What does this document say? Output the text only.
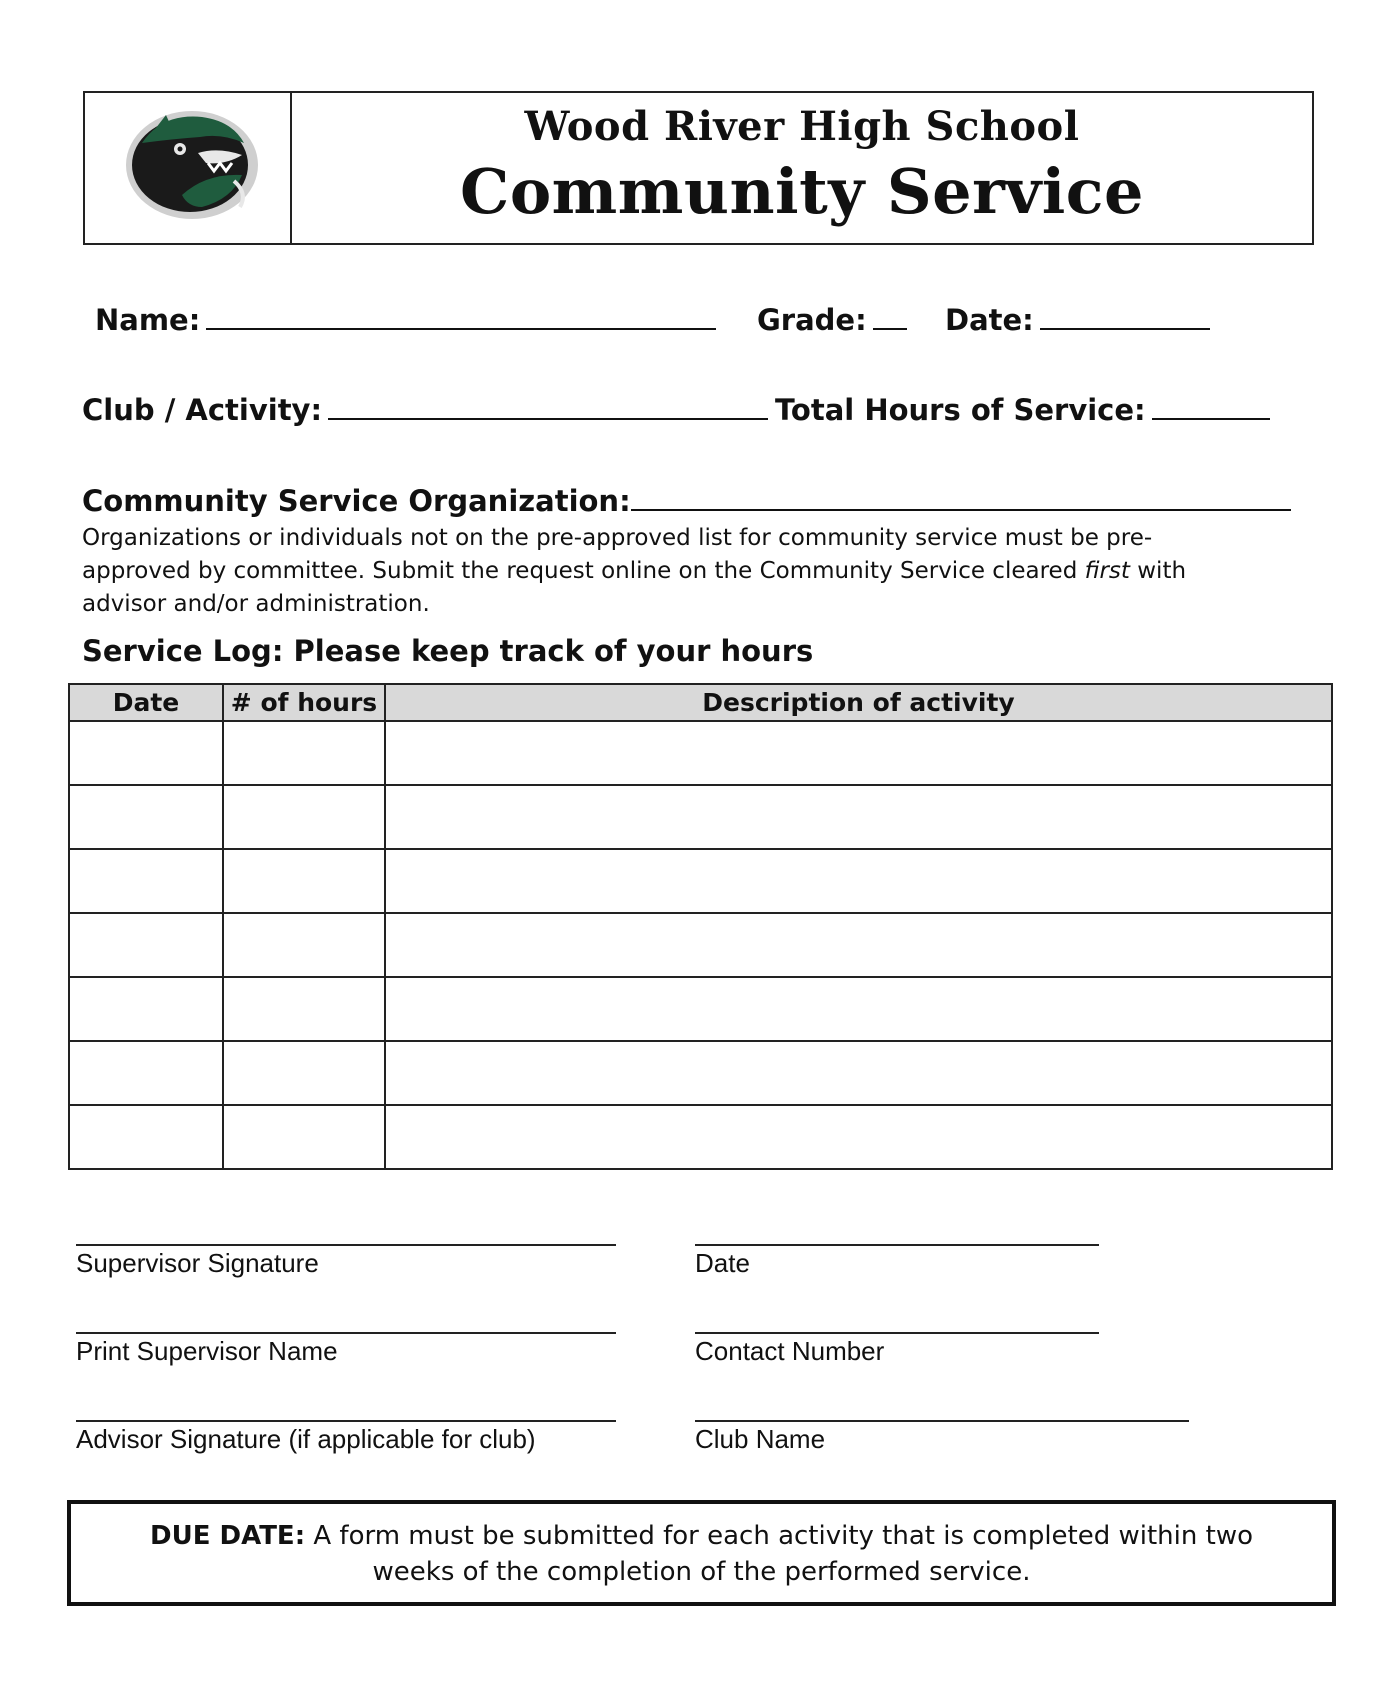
Wood River High School
Community Service
Name:	Grade:	Date:
Club / Activity:	Total Hours of Service:
Community Service Organization:
Organizations or individuals not on the pre-approved list for community service must be pre-approved by committee. Submit the request online on the Community Service cleared first with advisor and/or administration.
Service Log: Please keep track of your hours
Date	# of hours	Description of activity

Supervisor Signature	Date
Print Supervisor Name	Contact Number
Advisor Signature (if applicable for club)	Club Name
DUE DATE: A form must be submitted for each activity that is completed within two weeks of the completion of the performed service.
